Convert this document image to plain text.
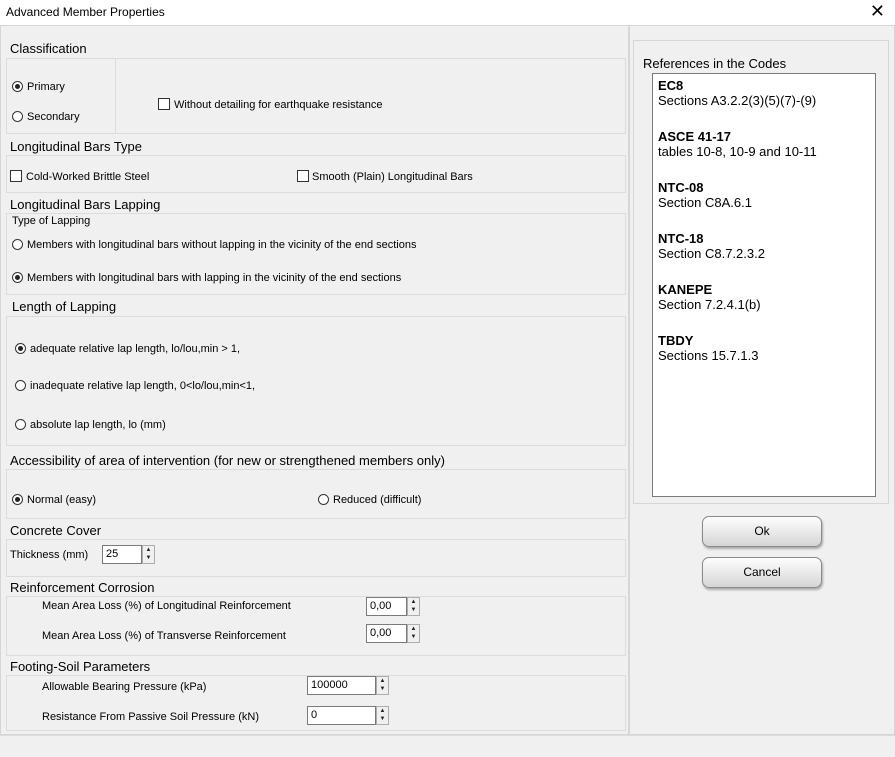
Advanced Member Properties	✕
Classification
Primary
Secondary
Without detailing for earthquake resistance
Longitudinal Bars Type
Cold-Worked Brittle Steel	Smooth (Plain) Longitudinal Bars
Longitudinal Bars Lapping
Type of Lapping
Members with longitudinal bars without lapping in the vicinity of the end sections
Members with longitudinal bars with lapping in the vicinity of the end sections
Length of Lapping
adequate relative lap length, lo/lou,min > 1,
inadequate relative lap length, 0<lo/lou,min<1,
absolute lap length, lo (mm)
Accessibility of area of intervention (for new or strengthened members only)
Normal (easy)	Reduced (difficult)
Concrete Cover
Thickness (mm)	25	▲
▼
Reinforcement Corrosion
Mean Area Loss (%) of Longitudinal Reinforcement	0,00	▲
▼
Mean Area Loss (%) of Transverse Reinforcement	0,00	▲
▼
Footing-Soil Parameters
Allowable Bearing Pressure (kPa)	100000	▲
▼
Resistance From Passive Soil Pressure (kN)	0	▲
▼
References in the Codes
EC8
Sections A3.2.2(3)(5)(7)-(9)
ASCE 41-17
tables 10-8, 10-9 and 10-11
NTC-08
Section C8A.6.1
NTC-18
Section C8.7.2.3.2
KANEPE
Section 7.2.4.1(b)
TBDY
Sections 15.7.1.3
Ok
Cancel
